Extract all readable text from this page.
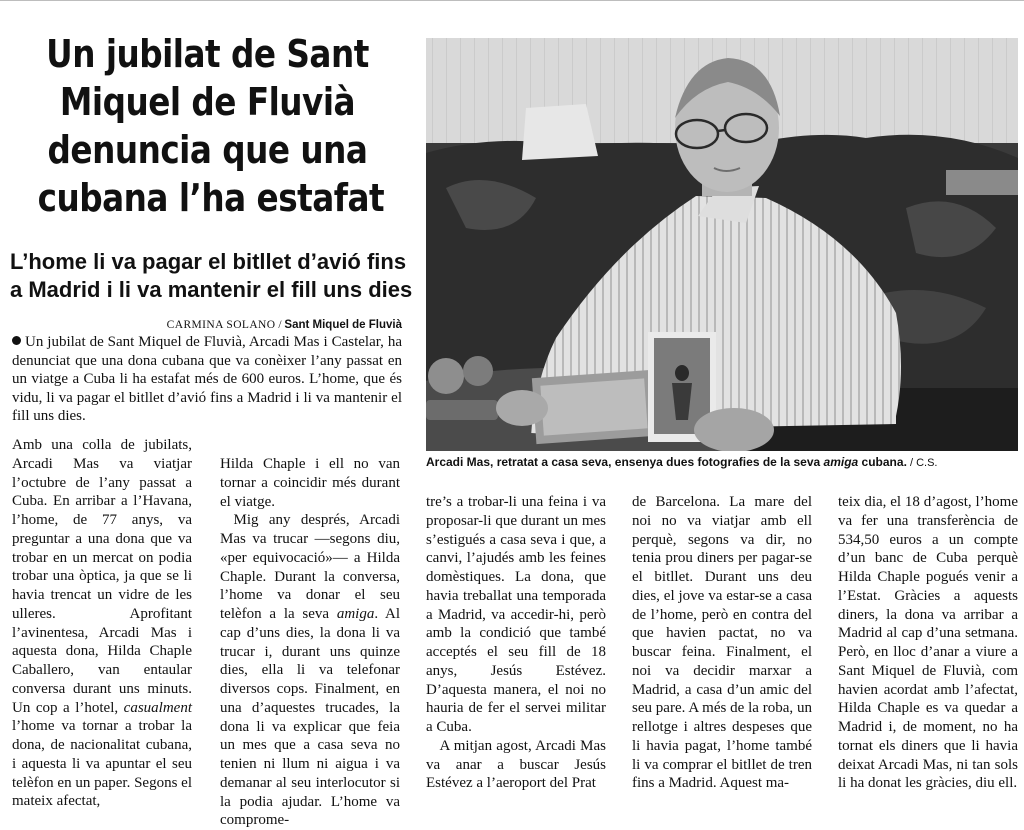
Un jubilat de Sant
Miquel de Fluvià
denuncia que una
cubana l’ha estafat
L’home li va pagar el bitllet d’avió fins
a Madrid i li va mantenir el fill uns dies
CARMINA SOLANO / Sant Miquel de Fluvià

Un jubilat de Sant Miquel de Fluvià, Arcadi Mas i Castelar, ha denunciat que una dona cubana que va conèixer l’any passat en un viatge a Cuba li ha estafat més de 600 euros. L’home, que és vidu, li va pagar el bitllet d’avió fins a Madrid i li va mantenir el fill uns dies.

Amb una colla de jubilats, Arcadi Mas va viatjar l’octubre de l’any passat a Cuba. En arribar a l’Havana, l’home, de 77 anys, va preguntar a una dona que va trobar en un mercat on podia trobar una òptica, ja que se li havia trencat un vidre de les ulleres. Aprofitant l’avinentesa, Arcadi Mas i aquesta dona, Hilda Chaple Caballero, van entaular conversa durant uns minuts. Un cop a l’hotel, casualment l’home va tornar a trobar la dona, de nacionalitat cubana, i aquesta li va apuntar el seu telèfon en un paper. Segons el mateix afectat,

Hilda Chaple i ell no van tornar a coincidir més durant el viatge.

Mig any després, Arcadi Mas va trucar —segons diu, «per equivocació»— a Hilda Chaple. Durant la conversa, l’home va donar el seu telèfon a la seva amiga. Al cap d’uns dies, la dona li va trucar i, durant uns quinze dies, ella li va telefonar diversos cops. Finalment, en una d’aquestes trucades, la dona li va explicar que feia un mes que a casa seva no tenien ni llum ni aigua i va demanar al seu interlocutor si la podia ajudar. L’home va comprome-

tre’s a trobar-li una feina i va proposar-li que durant un mes s’estigués a casa seva i que, a canvi, l’ajudés amb les feines domèstiques. La dona, que havia treballat una temporada a Madrid, va accedir-hi, però amb la condició que també acceptés el seu fill de 18 anys, Jesús Estévez. D’aquesta manera, el noi no hauria de fer el servei militar a Cuba.

A mitjan agost, Arcadi Mas va anar a buscar Jesús Estévez a l’aeroport del Prat

de Barcelona. La mare del noi no va viatjar amb ell perquè, segons va dir, no tenia prou diners per pagar-se el bitllet. Durant uns deu dies, el jove va estar-se a casa de l’home, però en contra del que havien pactat, no va buscar feina. Finalment, el noi va decidir marxar a Madrid, a casa d’un amic del seu pare. A més de la roba, un rellotge i altres despeses que li havia pagat, l’home també li va comprar el bitllet de tren fins a Madrid. Aquest ma-

teix dia, el 18 d’agost, l’home va fer una transferència de 534,50 euros a un compte d’un banc de Cuba perquè Hilda Chaple pogués venir a l’Estat. Gràcies a aquests diners, la dona va arribar a Madrid al cap d’una setmana. Però, en lloc d’anar a viure a Sant Miquel de Fluvià, com havien acordat amb l’afectat, Hilda Chaple es va quedar a Madrid i, de moment, no ha tornat els diners que li havia deixat Arcadi Mas, ni tan sols li ha donat les gràcies, diu ell.

Arcadi Mas, retratat a casa seva, ensenya dues fotografies de la seva amiga cubana. / C.S.
